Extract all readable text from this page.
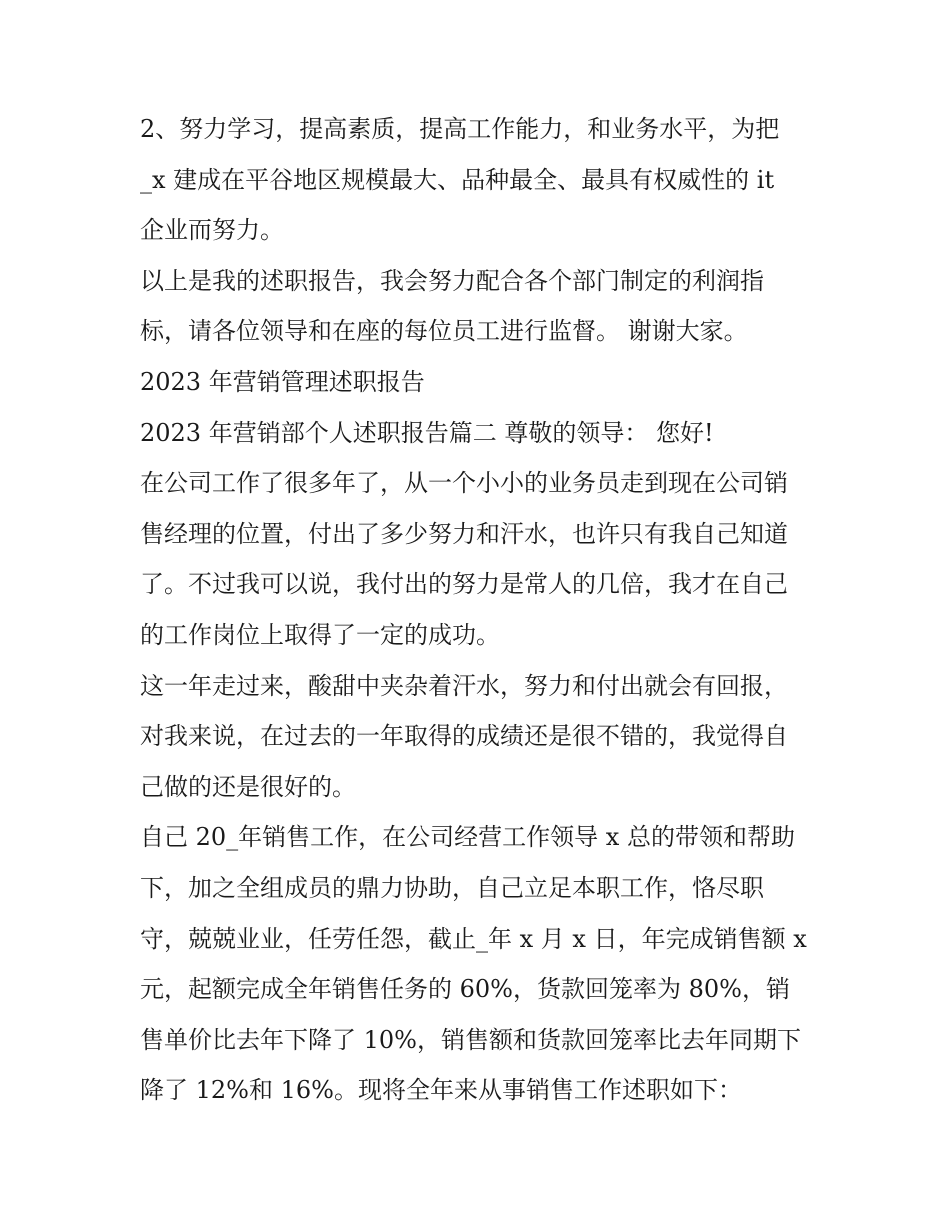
2、努力学习，提高素质，提高工作能力，和业务水平，为把
_x 建成在平谷地区规模最大、品种最全、最具有权威性的 it
企业而努力。
以上是我的述职报告，我会努力配合各个部门制定的利润指
标，请各位领导和在座的每位员工进行监督。 谢谢大家。
2023 年营销管理述职报告
2023 年营销部个人述职报告篇二 尊敬的领导： 您好!
在公司工作了很多年了，从一个小小的业务员走到现在公司销
售经理的位置，付出了多少努力和汗水，也许只有我自己知道
了。不过我可以说，我付出的努力是常人的几倍，我才在自己
的工作岗位上取得了一定的成功。
这一年走过来，酸甜中夹杂着汗水，努力和付出就会有回报，
对我来说，在过去的一年取得的成绩还是很不错的，我觉得自
己做的还是很好的。
自己 20_年销售工作，在公司经营工作领导 x 总的带领和帮助
下，加之全组成员的鼎力协助，自己立足本职工作，恪尽职
守，兢兢业业，任劳任怨，截止_年 x 月 x 日，年完成销售额 x
元，起额完成全年销售任务的 60%，货款回笼率为 80%，销
售单价比去年下降了 10%，销售额和货款回笼率比去年同期下
降了 12%和 16%。现将全年来从事销售工作述职如下：
